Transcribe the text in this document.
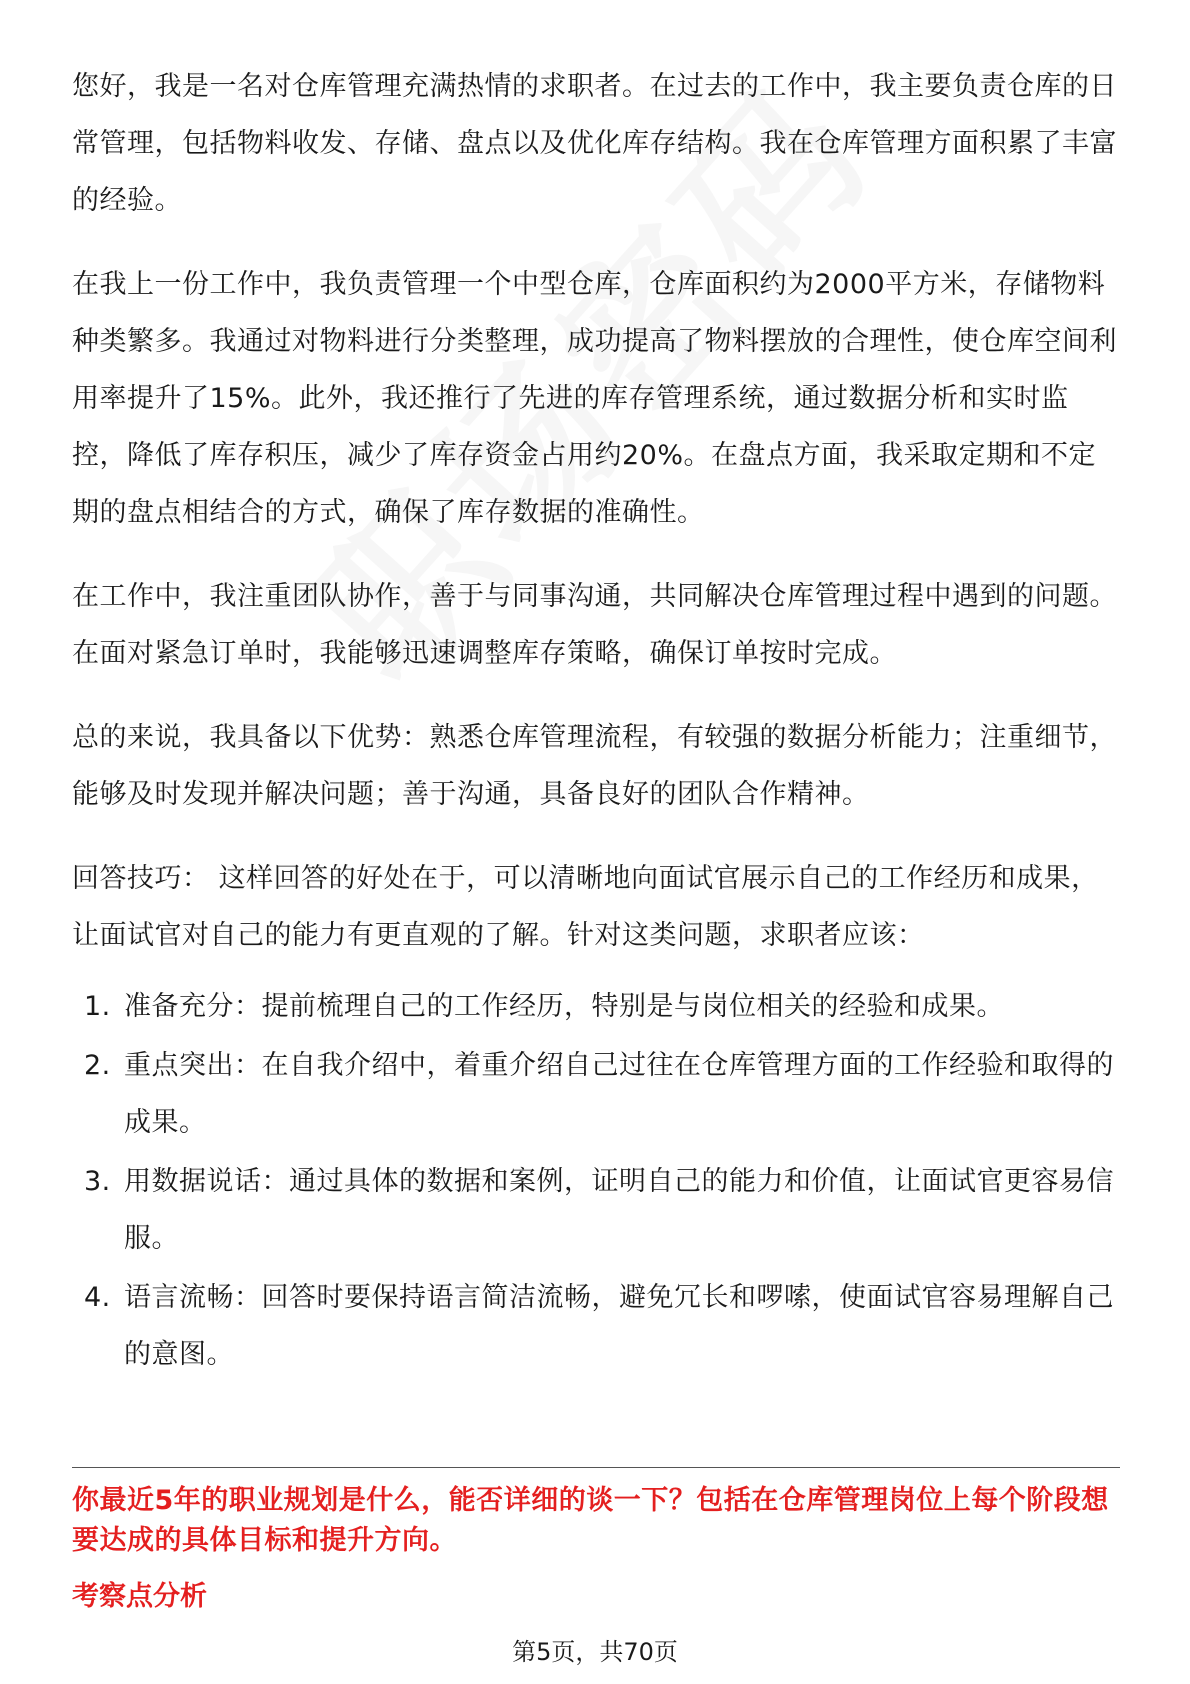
您好，我是一名对仓库管理充满热情的求职者。在过去的工作中，我主要负责仓库的日常管理，包括物料收发、存储、盘点以及优化库存结构。我在仓库管理方面积累了丰富的经验。

在我上一份工作中，我负责管理一个中型仓库，仓库面积约为2000平方米，存储物料种类繁多。我通过对物料进行分类整理，成功提高了物料摆放的合理性，使仓库空间利用率提升了15%。此外，我还推行了先进的库存管理系统，通过数据分析和实时监控，降低了库存积压，减少了库存资金占用约20%。在盘点方面，我采取定期和不定期的盘点相结合的方式，确保了库存数据的准确性。

在工作中，我注重团队协作，善于与同事沟通，共同解决仓库管理过程中遇到的问题。在面对紧急订单时，我能够迅速调整库存策略，确保订单按时完成。

总的来说，我具备以下优势：熟悉仓库管理流程，有较强的数据分析能力；注重细节，能够及时发现并解决问题；善于沟通，具备良好的团队合作精神。

回答技巧： 这样回答的好处在于，可以清晰地向面试官展示自己的工作经历和成果，让面试官对自己的能力有更直观的了解。针对这类问题，求职者应该：

1. 准备充分：提前梳理自己的工作经历，特别是与岗位相关的经验和成果。
2. 重点突出：在自我介绍中，着重介绍自己过往在仓库管理方面的工作经验和取得的成果。
3. 用数据说话：通过具体的数据和案例，证明自己的能力和价值，让面试官更容易信服。
4. 语言流畅：回答时要保持语言简洁流畅，避免冗长和啰嗦，使面试官容易理解自己的意图。
你最近5年的职业规划是什么，能否详细的谈一下？包括在仓库管理岗位上每个阶段想要达成的具体目标和提升方向。
考察点分析
第5页，共70页
